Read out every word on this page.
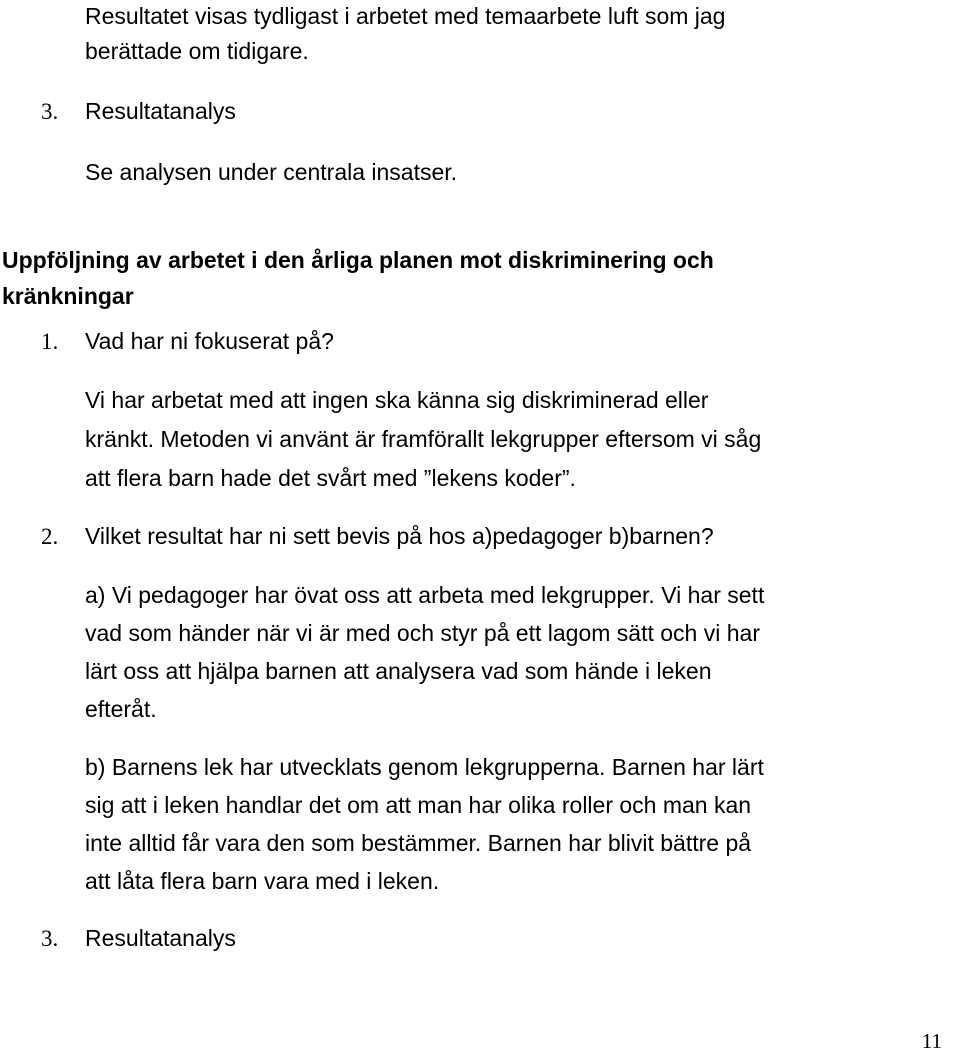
Resultatet visas tydligast i arbetet med temaarbete luft som jag

berättade om tidigare.

3. Resultatanalys

Se analysen under centrala insatser.

Uppföljning av arbetet i den årliga planen mot diskriminering och

kränkningar

1. Vad har ni fokuserat på?

Vi har arbetat med att ingen ska känna sig diskriminerad eller

kränkt. Metoden vi använt är framförallt lekgrupper eftersom vi såg

att flera barn hade det svårt med ”lekens koder”.

2. Vilket resultat har ni sett bevis på hos a)pedagoger b)barnen?

a) Vi pedagoger har övat oss att arbeta med lekgrupper. Vi har sett

vad som händer när vi är med och styr på ett lagom sätt och vi har

lärt oss att hjälpa barnen att analysera vad som hände i leken

efteråt.

b) Barnens lek har utvecklats genom lekgrupperna. Barnen har lärt

sig att i leken handlar det om att man har olika roller och man kan

inte alltid får vara den som bestämmer. Barnen har blivit bättre på

att låta flera barn vara med i leken.

3. Resultatanalys

11
